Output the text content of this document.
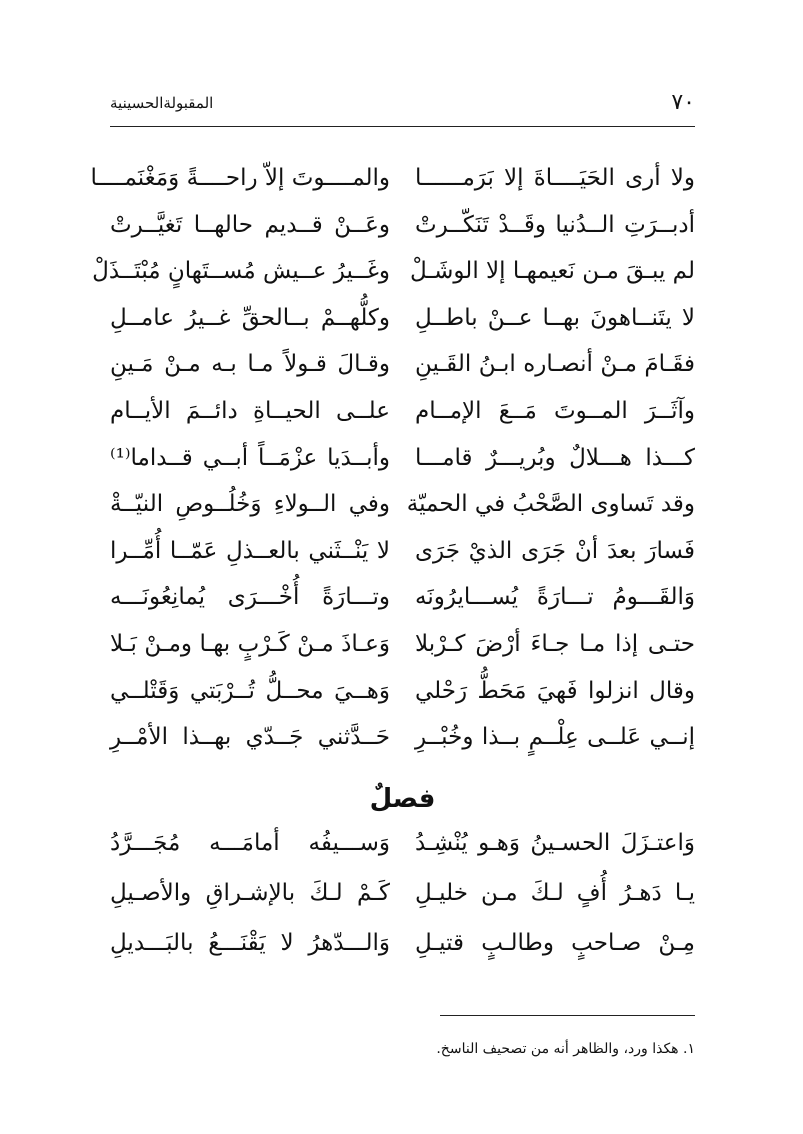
٧٠
المقبولةالحسينية
ولا أرى الحَيَــــاةَ إلا بَرَمــــــا
والمــــوتَ إلاّ راحــــةً وَمَغْنَمــــا
أدبــرَتِ الــدُنيا وقَــدْ تَنَكّــرتْ
وعَــنْ قــديم حالهــا تَغيَّــرتْ
لم يبـقَ مـن نَعيمهـا إلا الوشَـلْ
وغَــيرُ عــيش مُســتَهانٍ مُبْتَــذَلْ
لا يتَنــاهونَ بهــا عــنْ باطــلِ
وكلُّهــمْ بــالحقِّ غــيرُ عامــلِ
فقَـامَ مـنْ أنصـاره ابـنُ القَـينِ
وقـالَ قـولاً مـا بـه مـنْ مَـينِ
وآثَــرَ المــوتَ مَــعَ الإمــام
علــى الحيــاةِ دائــمَ الأيــام
كـــذا هـــلالٌ وبُريـــرٌ قامـــا
وأبــدَيا عزْمَــاً أبــي قــداما⁽¹⁾
وقد تَساوى الصَّحْبُ في الحميّة
وفي الــولاءِ وَخُلُــوصِ النيّــةْ
فَسارَ بعدَ أنْ جَرَى الذيْ جَرَى
لا يَنْــثَني بالعــذلِ عَمّــا أُمِّــرا
وَالقَـــومُ تـــارَةً يُســـايرُونَه
وتـــارَةً أُخْـــرَى يُمانِعُونَـــه
حتـى إذا مـا جـاءَ أرْضَ كـرْبلا
وَعـاذَ مـنْ كَـرْبٍ بهـا ومـنْ بَـلا
وقال انزلوا فَهيَ مَحَطُّ رَحْلي
وَهــيَ محــلُّ تُــرْبَتي وَقَتْلــي
إنــي عَلــى عِلْــمٍ بــذا وخُبْــرِ
حَــدَّثني جَــدّي بهــذا الأمْــرِ
فصلٌ
وَاعتـزَلَ الحسـينُ وَهـو يُنْشِـدُ
وَســـيفُه أمامَـــه مُجَـــرَّدُ
يـا دَهـرُ أُفٍ لـكَ مـن خليـلِ
كَـمْ لـكَ بالإشـراقِ والأصـيلِ
مِـنْ صـاحبٍ وطالـبٍ قتيـلِ
وَالـــدّهرُ لا يَقْنَـــعُ بالبَـــديلِ
١. هكذا ورد، والظاهر أنه من تصحيف الناسخ.
